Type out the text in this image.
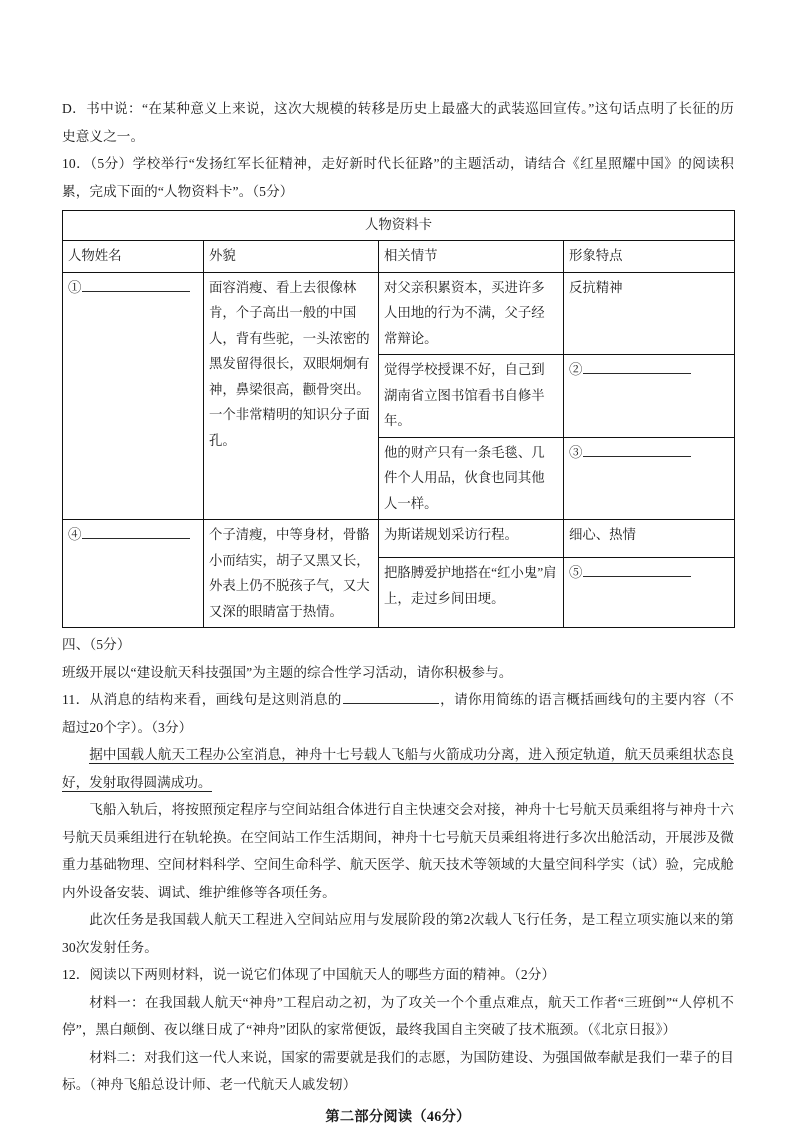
D．书中说：“在某种意义上来说，这次大规模的转移是历史上最盛大的武装巡回宣传。”这句话点明了长征的历史意义之一。

10．（5分）学校举行“发扬红军长征精神，走好新时代长征路”的主题活动，请结合《红星照耀中国》的阅读积累，完成下面的“人物资料卡”。（5分）

人物资料卡			
人物姓名	外貌	相关情节	形象特点

①	面容消瘦、看上去很像林肯，个子高出一般的中国人，背有些驼，一头浓密的黑发留得很长，双眼炯炯有神，鼻梁很高，颧骨突出。一个非常精明的知识分子面孔。	对父亲积累资本，买进许多人田地的行为不满，父子经常辩论。	反抗精神
		觉得学校授课不好，自己到湖南省立图书馆看书自修半年。	②

		他的财产只有一条毛毯、几件个人用品，伙食也同其他人一样。	③

④	个子清瘦，中等身材，骨骼小而结实，胡子又黑又长，外表上仍不脱孩子气，又大又深的眼睛富于热情。	为斯诺规划采访行程。	细心、热情
		把胳膊爱护地搭在“红小鬼”肩上，走过乡间田埂。	⑤

四、（5分）

班级开展以“建设航天科技强国”为主题的综合性学习活动，请你积极参与。

11．从消息的结构来看，画线句是这则消息的	，请你用简练的语言概括画线句的主要内容（不超过20个字）。（3分）

据中国载人航天工程办公室消息，神舟十七号载人飞船与火箭成功分离，进入预定轨道，航天员乘组状态良好，发射取得圆满成功。

飞船入轨后，将按照预定程序与空间站组合体进行自主快速交会对接，神舟十七号航天员乘组将与神舟十六号航天员乘组进行在轨轮换。在空间站工作生活期间，神舟十七号航天员乘组将进行多次出舱活动，开展涉及微重力基础物理、空间材料科学、空间生命科学、航天医学、航天技术等领域的大量空间科学实（试）验，完成舱内外设备安装、调试、维护维修等各项任务。

此次任务是我国载人航天工程进入空间站应用与发展阶段的第2次载人飞行任务，是工程立项实施以来的第30次发射任务。

12．阅读以下两则材料，说一说它们体现了中国航天人的哪些方面的精神。（2分）

材料一：在我国载人航天“神舟”工程启动之初，为了攻关一个个重点难点，航天工作者“三班倒”“人停机不停”，黑白颠倒、夜以继日成了“神舟”团队的家常便饭，最终我国自主突破了技术瓶颈。（《北京日报》）

材料二：对我们这一代人来说，国家的需要就是我们的志愿，为国防建设、为强国做奉献是我们一辈子的目标。（神舟飞船总设计师、老一代航天人戚发轫）

第二部分阅读（46分）
